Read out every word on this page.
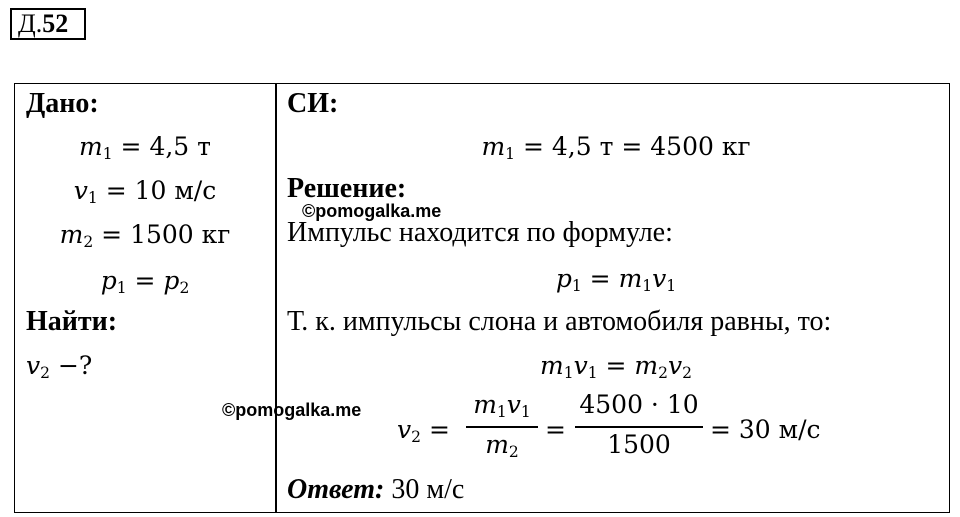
Д.52
Дано:
$m_1 = 4,5$ т
$v_1 = 10$ м/с
$m_2 = 1500$ кг
$p_1 = p_2$
Найти:
$v_2$ −?
СИ:
$m_1 = 4,5$ т = 4500 кг
Решение:
©pomogalka.me
Импульс находится по формуле:
$p_1 = m_1v_1$
Т. к. импульсы слона и автомобиля равны, то:
$m_1v_1 = m_2v_2$
©pomogalka.me
$v_2$ =
$m_1v_1$
$m_2$
=
4500 · 10
1500
= 30 м/с
Ответ: 30 м/с
